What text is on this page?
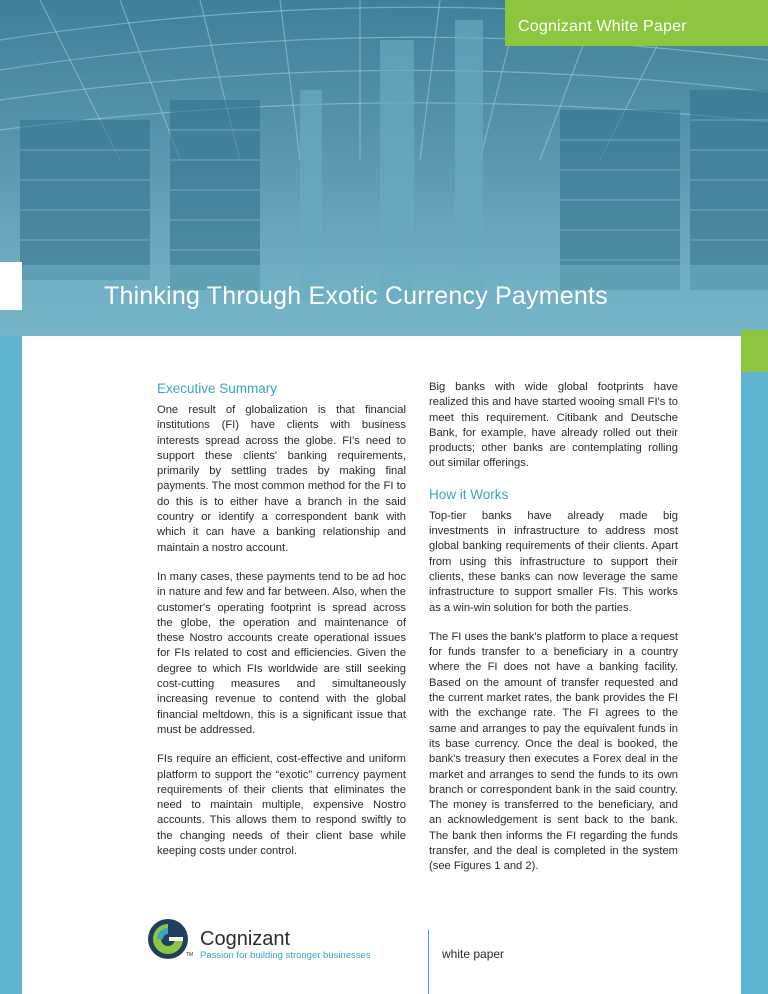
Cognizant White Paper
Thinking Through Exotic Currency Payments
Executive Summary

One result of globalization is that financial institutions (FI) have clients with business interests spread across the globe. FI's need to support these clients' banking requirements, primarily by settling trades by making final payments. The most common method for the FI to do this is to either have a branch in the said country or identify a correspondent bank with which it can have a banking relationship and maintain a nostro account.

In many cases, these payments tend to be ad hoc in nature and few and far between. Also, when the customer's operating footprint is spread across the globe, the operation and maintenance of these Nostro accounts create operational issues for FIs related to cost and efficiencies. Given the degree to which FIs worldwide are still seeking cost-cutting measures and simultaneously increasing revenue to contend with the global financial meltdown, this is a significant issue that must be addressed.

FIs require an efficient, cost-effective and uniform platform to support the “exotic” currency payment requirements of their clients that eliminates the need to maintain multiple, expensive Nostro accounts. This allows them to respond swiftly to the changing needs of their client base while keeping costs under control.

Big banks with wide global footprints have realized this and have started wooing small FI's to meet this requirement. Citibank and Deutsche Bank, for example, have already rolled out their products; other banks are contemplating rolling out similar offerings.

How it Works

Top-tier banks have already made big investments in infrastructure to address most global banking requirements of their clients. Apart from using this infrastructure to support their clients, these banks can now leverage the same infrastructure to support smaller FIs. This works as a win-win solution for both the parties.

The FI uses the bank's platform to place a request for funds transfer to a beneficiary in a country where the FI does not have a banking facility. Based on the amount of transfer requested and the current market rates, the bank provides the FI with the exchange rate. The FI agrees to the same and arranges to pay the equivalent funds in its base currency. Once the deal is booked, the bank's treasury then executes a Forex deal in the market and arranges to send the funds to its own branch or correspondent bank in the said country. The money is transferred to the beneficiary, and an acknowledgement is sent back to the bank. The bank then informs the FI regarding the funds transfer, and the deal is completed in the system (see Figures 1 and 2).

TM
Cognizant
Passion for building stronger businesses	white paper
